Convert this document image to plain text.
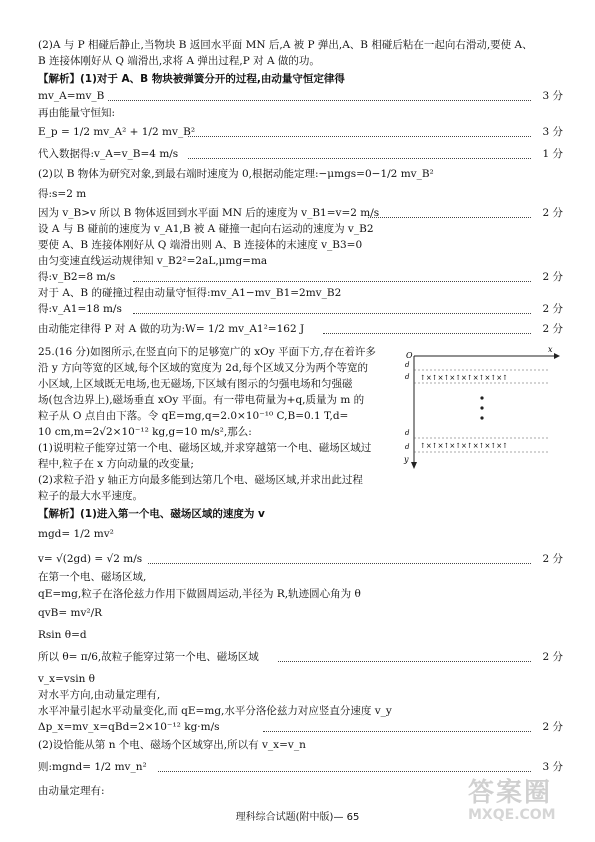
(2)A 与 P 相碰后静止,当物块 B 返回水平面 MN 后,A 被 P 弹出,A、B 相碰后粘在一起向右滑动,要使 A、
B 连接体刚好从 Q 端滑出,求将 A 弹出过程,P 对 A 做的功。
【解析】(1)对于 A、B 物块被弹簧分开的过程,由动量守恒定律得
mv_A=mv_B	3 分
再由能量守恒知:
E_p = 1/2 mv_A² + 1/2 mv_B²	3 分
代入数据得:v_A=v_B=4 m/s	1 分
(2)以 B 物体为研究对象,到最右端时速度为 0,根据动能定理:−μmgs=0−1/2 mv_B²
得:s=2 m
因为 v_B>v 所以 B 物体返回到水平面 MN 后的速度为 v_B1=v=2 m/s	2 分
设 A 与 B 碰前的速度为 v_A1,B 被 A 碰撞一起向右运动的速度为 v_B2
要使 A、B 连接体刚好从 Q 端滑出则 A、B 连接体的末速度 v_B3=0
由匀变速直线运动规律知 v_B2²=2aL,μmg=ma
得:v_B2=8 m/s	2 分
对于 A、B 的碰撞过程由动量守恒得:mv_A1−mv_B1=2mv_B2
得:v_A1=18 m/s	2 分
由动能定律得 P 对 A 做的功为:W= 1/2 mv_A1²=162 J	2 分
25.(16 分)如图所示,在竖直向下的足够宽广的 xOy 平面下方,存在着许多
沿 y 方向等宽的区域,每个区域的宽度为 2d,每个区域又分为两个等宽的
小区域,上区域既无电场,也无磁场,下区域有图示的匀强电场和匀强磁
场(包含边界上),磁场垂直 xOy 平面。有一带电荷量为+q,质量为 m 的
粒子从 O 点自由下落。令 qE=mg,q=2.0×10⁻¹⁰ C,B=0.1 T,d=
10 cm,m=2√2×10⁻¹² kg,g=10 m/s²,那么:
(1)说明粒子能穿过第一个电、磁场区域,并求穿越第一个电、磁场区域过
程中,粒子在 x 方向动量的改变量;
(2)求粒子沿 y 轴正方向最多能到达第几个电、磁场区域,并求出此过程
粒子的最大水平速度。
【解析】(1)进入第一个电、磁场区域的速度为 v
mgd= 1/2 mv²
v= √(2gd) = √2 m/s	2 分
在第一个电、磁场区域,
qE=mg,粒子在洛伦兹力作用下做圆周运动,半径为 R,轨迹圆心角为 θ
qvB= mv²/R
Rsin θ=d
所以 θ= π/6,故粒子能穿过第一个电、磁场区域	2 分
v_x=vsin θ
对水平方向,由动量定理有,
水平冲量引起水平动量变化,而 qE=mg,水平分洛伦兹力对应竖直分速度 v_y
Δp_x=mv_x=qBd=2×10⁻¹² kg·m/s	2 分
(2)设恰能从第 n 个电、磁场个区域穿出,所以有 v_x=v_n
则:mgnd= 1/2 mv_n²	3 分
由动量定理有:
O
x
y
d
d ↑×↑×↑×↑×↑×↑×↑×↑
d
d ↑×↑×↑×↑×↑×↑×↑×↑
理科综合试题(附中版)— 65
答案圈
MXQE.COM
